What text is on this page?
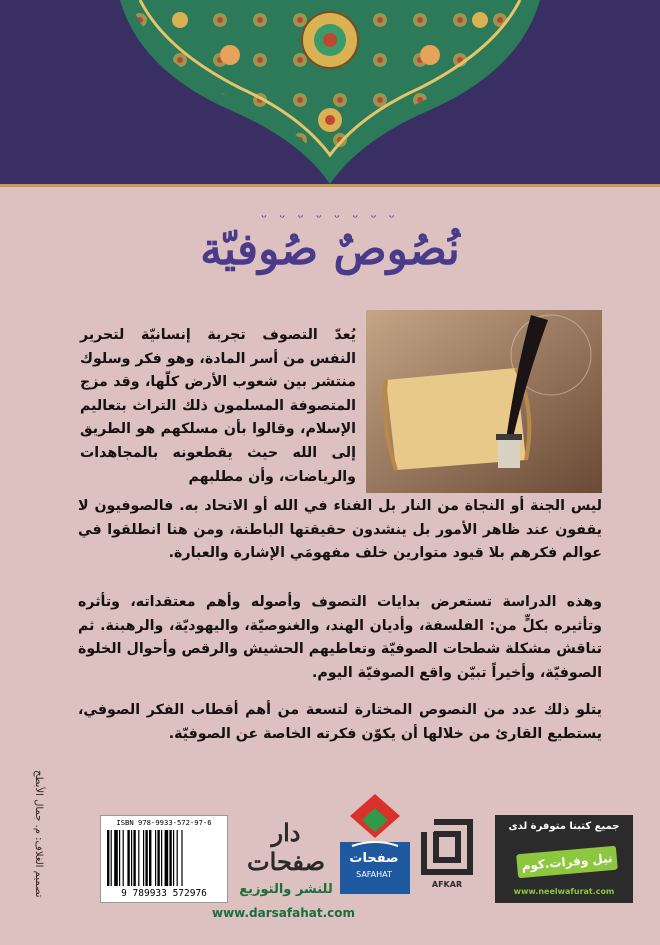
ᵕ ᵕ ᵕ ᵕ ᵕ ᵕ ᵕ ᵕ
نُصُوصٌ صُوفيّة
يُعدّ التصوف تجربة إنسانيّة لتحرير النفس من أسر المادة، وهو فكر وسلوك منتشر بين شعوب الأرض كلّها، وقد مزج المتصوفة المسلمون ذلك التراث بتعاليم الإسلام، وقالوا بأن مسلكهم هو الطريق إلى الله حيث يقطعونه بالمجاهدات والرياضات، وأن مطلبهم
ليس الجنة أو النجاة من النار بل الفناء في الله أو الاتحاد به. فالصوفيون لا يقفون عند ظاهر الأمور بل ينشدون حقيقتها الباطنة، ومن هنا انطلقوا في عوالم فكرهم بلا قيود متوارين خلف مفهومَي الإشارة والعبارة.
وهذه الدراسة تستعرض بدايات التصوف وأصوله وأهم معتقداته، وتأثره وتأثيره بكلٍّ من: الفلسفة، وأديان الهند، والغنوصيّة، واليهوديّة، والرهبنة. ثم تناقش مشكلة شطحات الصوفيّة وتعاطيهم الحشيش والرقص وأحوال الخلوة الصوفيّة، وأخيراً تبيّن واقع الصوفيّة اليوم.
يتلو ذلك عدد من النصوص المختارة لتسعة من أهم أقطاب الفكر الصوفي، يستطيع القارئ من خلالها أن يكوّن فكرته الخاصة عن الصوفيّة.
تصميم الغلاف: م. جمال الأبطح	ISBN 978-9933-572-97-6
9 789933 572976
دار صفحات
للنشر والتوزيع
www.darsafahat.com
صفحات
SAFAHAT
AFKAR
جميع كتبنا متوفرة لدى
نيل وفرات.كوم
www.neelwafurat.com
